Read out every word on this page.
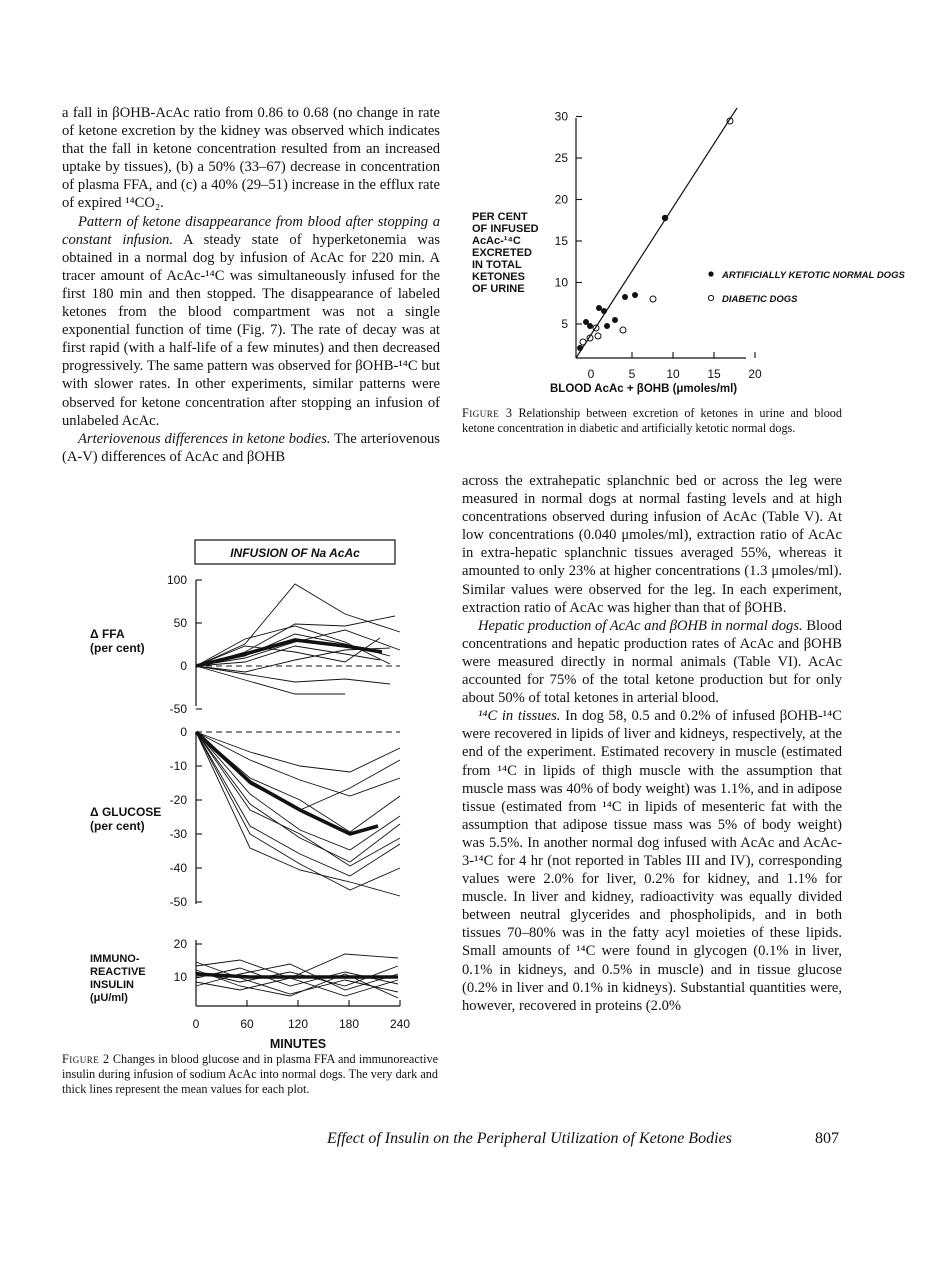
a fall in βOHB-AcAc ratio from 0.86 to 0.68 (no change in rate of ketone excretion by the kidney was observed which indicates that the fall in ketone concentration resulted from an increased uptake by tissues), (b) a 50% (33–67) decrease in concentration of plasma FFA, and (c) a 40% (29–51) increase in the efflux rate of expired ¹⁴CO₂.

Pattern of ketone disappearance from blood after stopping a constant infusion. A steady state of hyperketonemia was obtained in a normal dog by infusion of AcAc for 220 min. A tracer amount of AcAc-¹⁴C was simultaneously infused for the first 180 min and then stopped. The disappearance of labeled ketones from the blood compartment was not a single exponential function of time (Fig. 7). The rate of decay was at first rapid (with a half-life of a few minutes) and then decreased progressively. The same pattern was observed for βOHB-¹⁴C but with slower rates. In other experiments, similar patterns were observed for ketone concentration after stopping an infusion of unlabeled AcAc.

Arteriovenous differences in ketone bodies. The arteriovenous (A-V) differences of AcAc and βOHB

PER CENT
OF INFUSED
AcAc-¹⁴C
EXCRETED
IN TOTAL
KETONES
OF URINE
5
10
15
20
25
30
0	5	10 15 20
BLOOD AcAc + βOHB (μmoles/ml)
ARTIFICIALLY KETOTIC NORMAL DOGS
DIABETIC DOGS
Figure 3 Relationship between excretion of ketones in urine and blood ketone concentration in diabetic and artificially ketotic normal dogs.

across the extrahepatic splanchnic bed or across the leg were measured in normal dogs at normal fasting levels and at high concentrations observed during infusion of AcAc (Table V). At low concentrations (0.040 μmoles/ml), extraction ratio of AcAc in extra-hepatic splanchnic tissues averaged 55%, whereas it amounted to only 23% at higher concentrations (1.3 μmoles/ml). Similar values were observed for the leg. In each experiment, extraction ratio of AcAc was higher than that of βOHB.

Hepatic production of AcAc and βOHB in normal dogs. Blood concentrations and hepatic production rates of AcAc and βOHB were measured directly in normal animals (Table VI). AcAc accounted for 75% of the total ketone production but for only about 50% of total ketones in arterial blood.

¹⁴C in tissues. In dog 58, 0.5 and 0.2% of infused βOHB-¹⁴C were recovered in lipids of liver and kidneys, respectively, at the end of the experiment. Estimated recovery in muscle (estimated from ¹⁴C in lipids of thigh muscle with the assumption that muscle mass was 40% of body weight) was 1.1%, and in adipose tissue (estimated from ¹⁴C in lipids of mesenteric fat with the assumption that adipose tissue mass was 5% of body weight) was 5.5%. In another normal dog infused with AcAc and AcAc-3-¹⁴C for 4 hr (not reported in Tables III and IV), corresponding values were 2.0% for liver, 0.2% for kidney, and 1.1% for muscle. In liver and kidney, radioactivity was equally divided between neutral glycerides and phospholipids, and in both tissues 70–80% was in the fatty acyl moieties of these lipids. Small amounts of ¹⁴C were found in glycogen (0.1% in liver, 0.1% in kidneys, and 0.5% in muscle) and in tissue glucose (0.2% in liver and 0.1% in kidneys). Substantial quantities were, however, recovered in proteins (2.0%

INFUSION OF Na AcAc
100
50
0
-50
Δ FFA
(per cent)
0
-10
-20
-30
-40
-50
Δ GLUCOSE
(per cent)
20
10
IMMUNO-
REACTIVE
INSULIN
(μU/ml)
0	60	120	180	240
MINUTES
Figure 2 Changes in blood glucose and in plasma FFA and immunoreactive insulin during infusion of sodium AcAc into normal dogs. The very dark and thick lines represent the mean values for each plot.
Effect of Insulin on the Peripheral Utilization of Ketone Bodies	807
